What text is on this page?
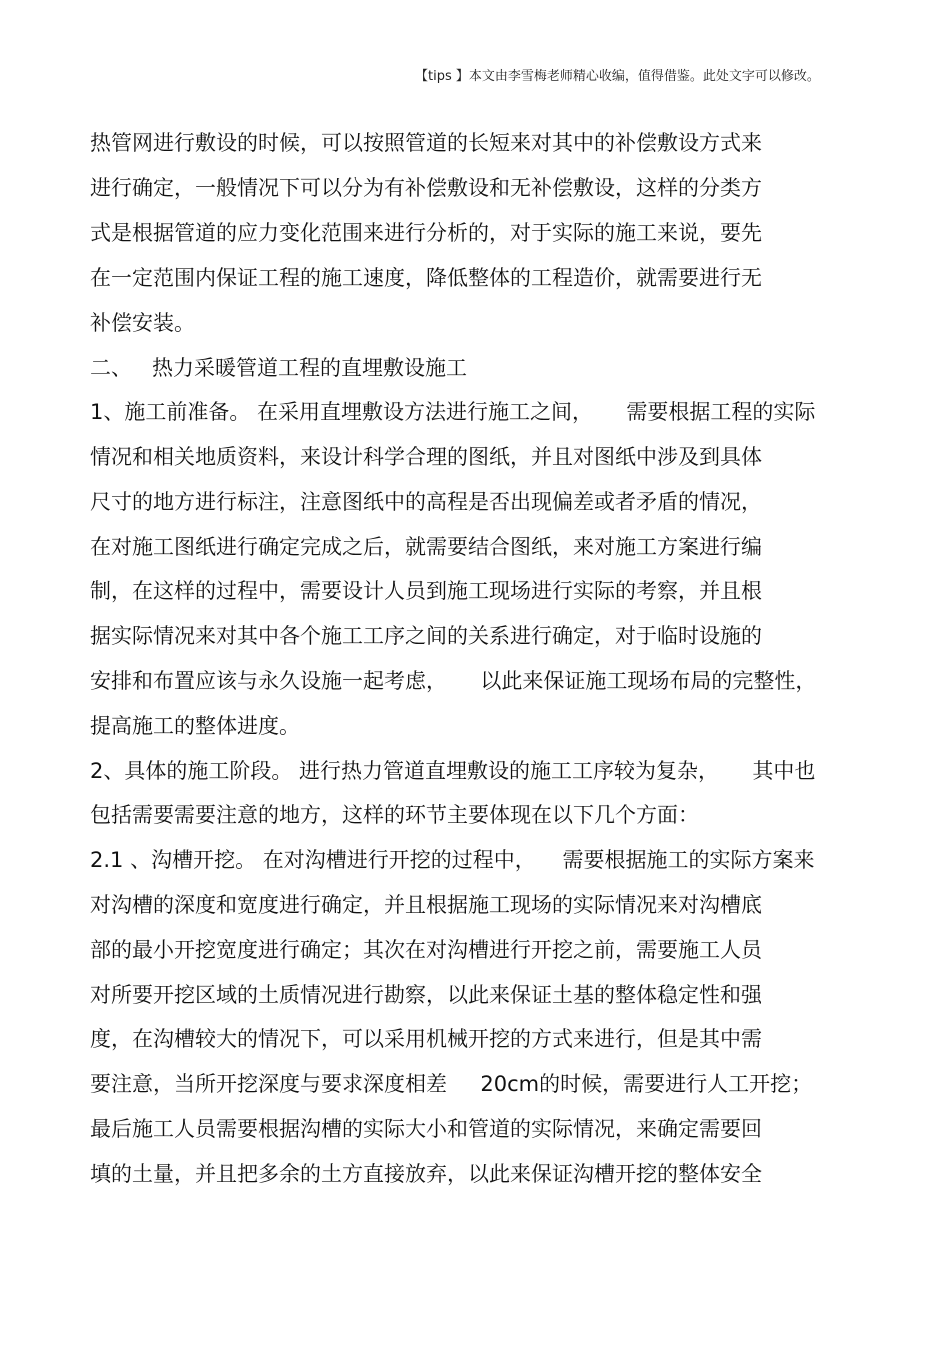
【tips 】本文由李雪梅老师精心收编，值得借鉴。此处文字可以修改。
热管网进行敷设的时候，可以按照管道的长短来对其中的补偿敷设方式来
进行确定，一般情况下可以分为有补偿敷设和无补偿敷设，这样的分类方
式是根据管道的应力变化范围来进行分析的，对于实际的施工来说，要先
在一定范围内保证工程的施工速度，降低整体的工程造价，就需要进行无
补偿安装。
二、   热力采暖管道工程的直埋敷设施工
1、施工前准备。 在采用直埋敷设方法进行施工之间，     需要根据工程的实际
情况和相关地质资料，来设计科学合理的图纸，并且对图纸中涉及到具体
尺寸的地方进行标注，注意图纸中的高程是否出现偏差或者矛盾的情况，
在对施工图纸进行确定完成之后，就需要结合图纸，来对施工方案进行编
制，在这样的过程中，需要设计人员到施工现场进行实际的考察，并且根
据实际情况来对其中各个施工工序之间的关系进行确定，对于临时设施的
安排和布置应该与永久设施一起考虑，     以此来保证施工现场布局的完整性，
提高施工的整体进度。
2、具体的施工阶段。 进行热力管道直埋敷设的施工工序较为复杂，     其中也
包括需要需要注意的地方，这样的环节主要体现在以下几个方面：
2.1 、沟槽开挖。 在对沟槽进行开挖的过程中，    需要根据施工的实际方案来
对沟槽的深度和宽度进行确定，并且根据施工现场的实际情况来对沟槽底
部的最小开挖宽度进行确定；其次在对沟槽进行开挖之前，需要施工人员
对所要开挖区域的土质情况进行勘察，以此来保证土基的整体稳定性和强
度，在沟槽较大的情况下，可以采用机械开挖的方式来进行，但是其中需
要注意，当所开挖深度与要求深度相差     20cm的时候，需要进行人工开挖；
最后施工人员需要根据沟槽的实际大小和管道的实际情况，来确定需要回
填的土量，并且把多余的土方直接放弃，以此来保证沟槽开挖的整体安全
